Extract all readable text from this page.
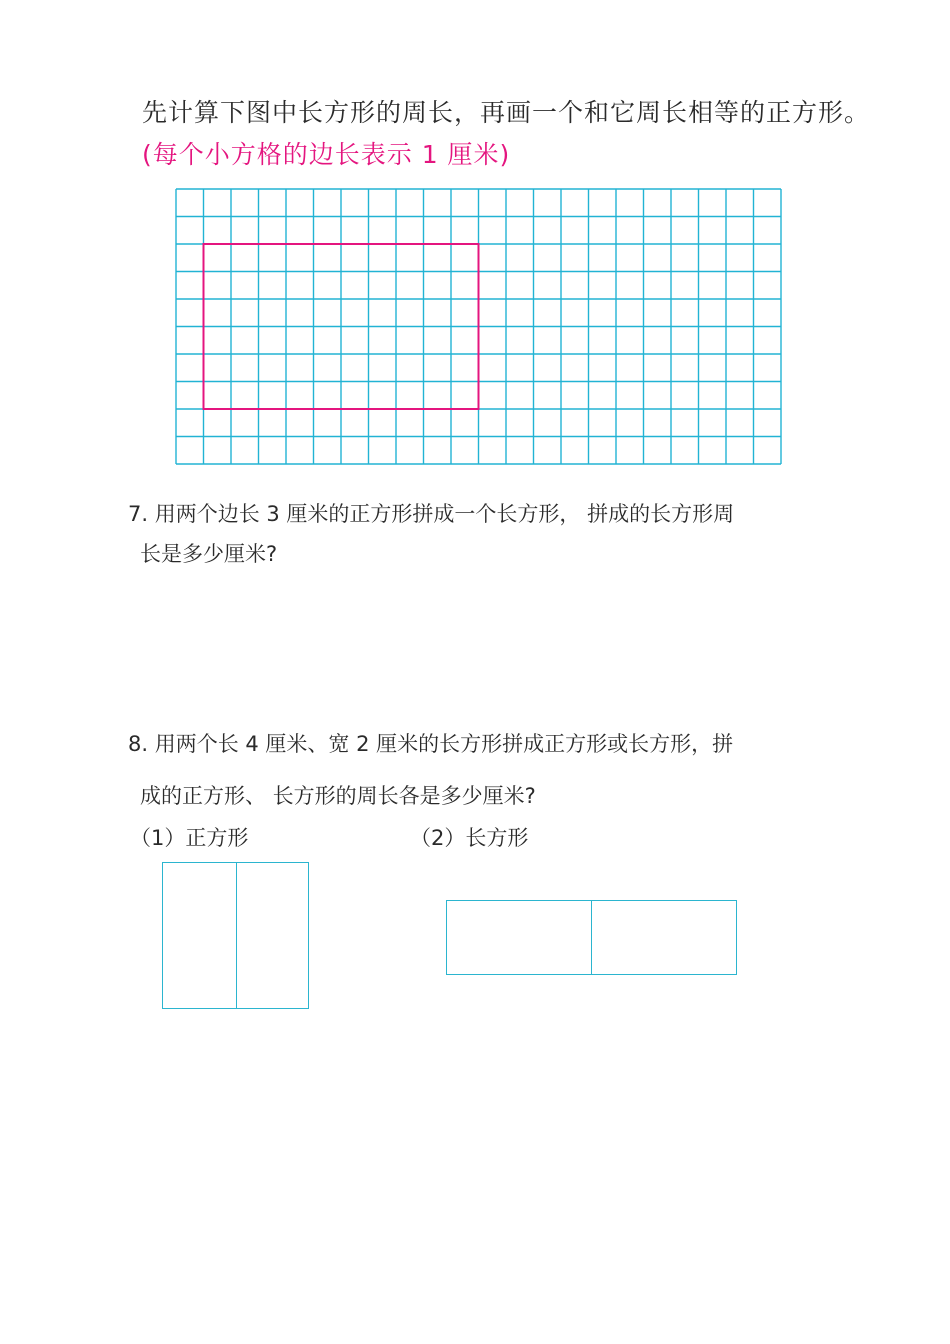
先计算下图中长方形的周长，再画一个和它周长相等的正方形。(每个小方格的边长表示 1 厘米)
7. 用两个边长 3 厘米的正方形拼成一个长方形， 拼成的长方形周
长是多少厘米?
8. 用两个长 4 厘米、宽 2 厘米的长方形拼成正方形或长方形，拼
成的正方形、 长方形的周长各是多少厘米?
（1）正方形	（2）长方形
